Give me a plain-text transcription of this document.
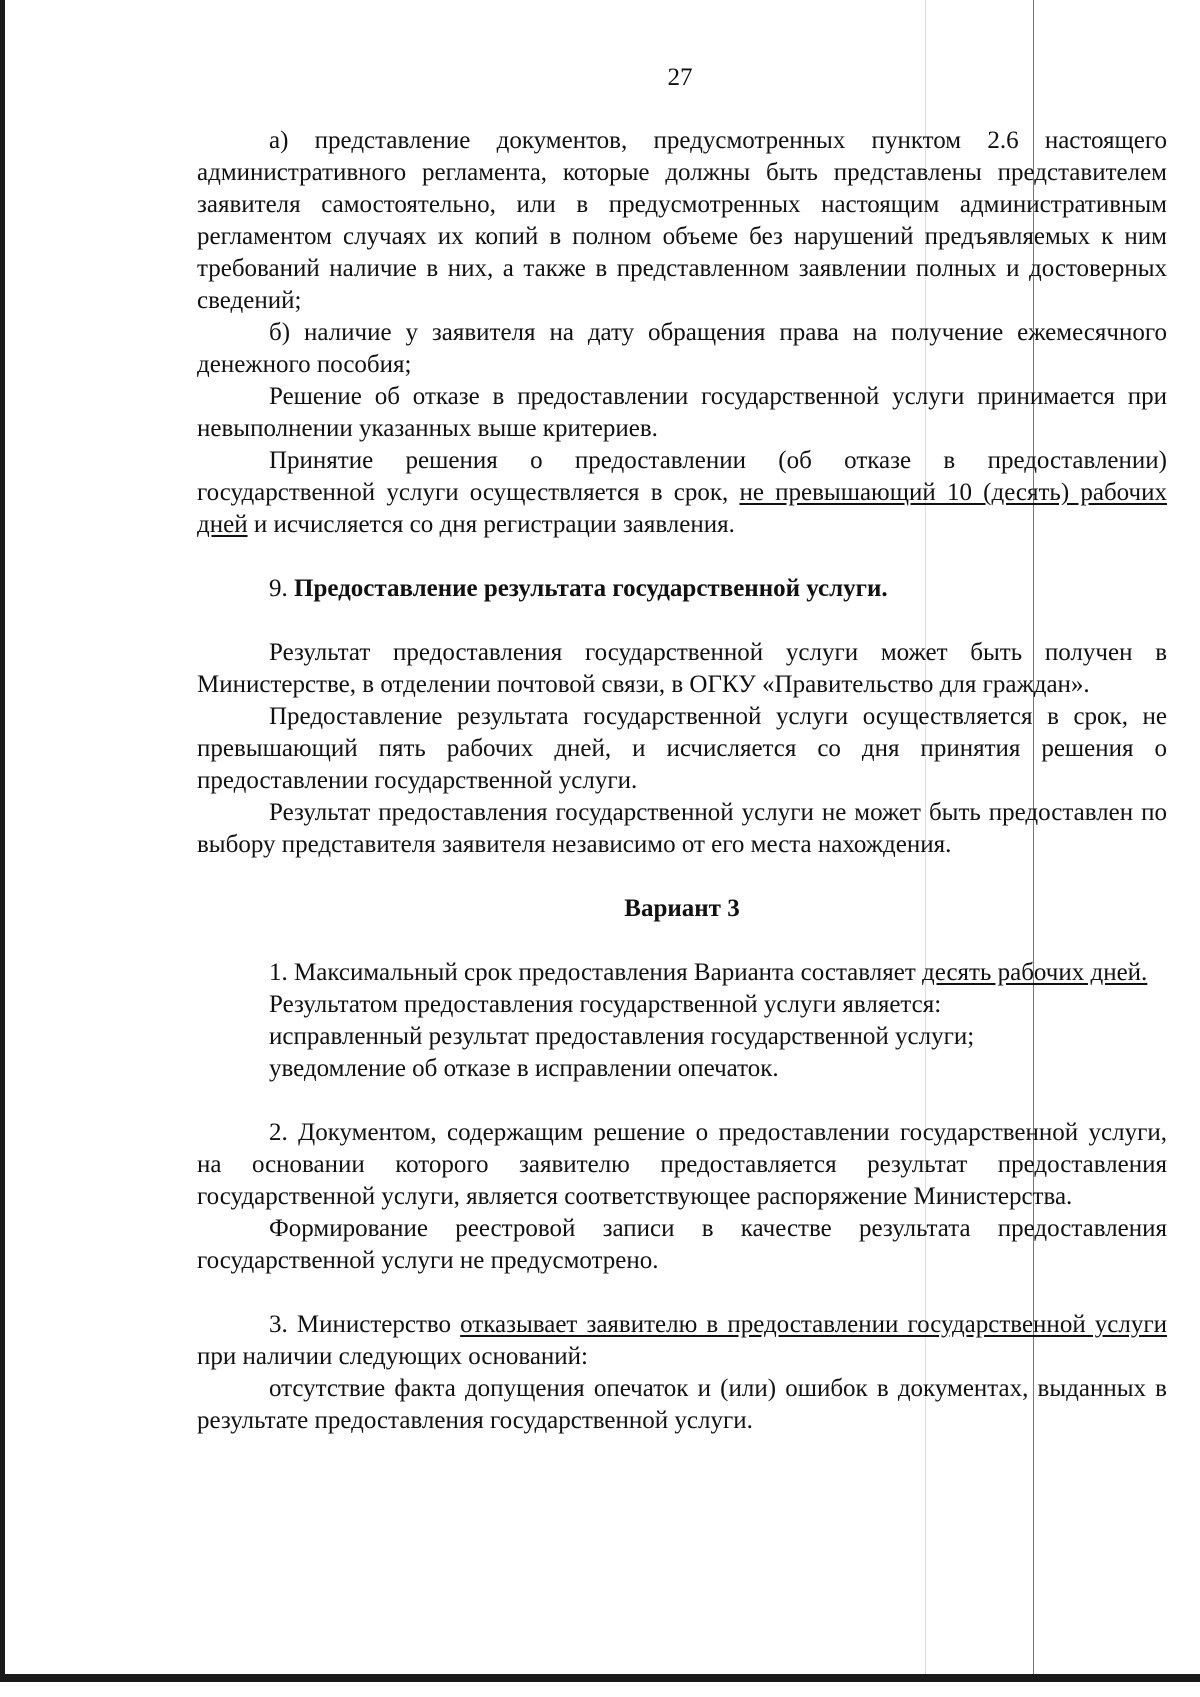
27

а) представление документов, предусмотренных пунктом 2.6 настоящего административного регламента, которые должны быть представлены представителем заявителя самостоятельно, или в предусмотренных настоящим административным регламентом случаях их копий в полном объеме без нарушений предъявляемых к ним требований наличие в них, а также в представленном заявлении полных и достоверных сведений;

б) наличие у заявителя на дату обращения права на получение ежемесячного денежного пособия;

Решение об отказе в предоставлении государственной услуги принимается при невыполнении указанных выше критериев.

Принятие решения о предоставлении (об отказе в предоставлении) государственной услуги осуществляется в срок, не превышающий 10 (десять) рабочих дней и исчисляется со дня регистрации заявления.

9. Предоставление результата государственной услуги.

Результат предоставления государственной услуги может быть получен в Министерстве, в отделении почтовой связи, в ОГКУ «Правительство для граждан».

Предоставление результата государственной услуги осуществляется в срок, не превышающий пять рабочих дней, и исчисляется со дня принятия решения о предоставлении государственной услуги.

Результат предоставления государственной услуги не может быть предоставлен по выбору представителя заявителя независимо от его места нахождения.

Вариант 3

1. Максимальный срок предоставления Варианта составляет десять рабочих дней.

Результатом предоставления государственной услуги является:

исправленный результат предоставления государственной услуги;

уведомление об отказе в исправлении опечаток.

2. Документом, содержащим решение о предоставлении государственной услуги, на основании которого заявителю предоставляется результат предоставления государственной услуги, является соответствующее распоряжение Министерства.

Формирование реестровой записи в качестве результата предоставления государственной услуги не предусмотрено.

3. Министерство отказывает заявителю в предоставлении государственной услуги при наличии следующих оснований:

отсутствие факта допущения опечаток и (или) ошибок в документах, выданных в результате предоставления государственной услуги.
